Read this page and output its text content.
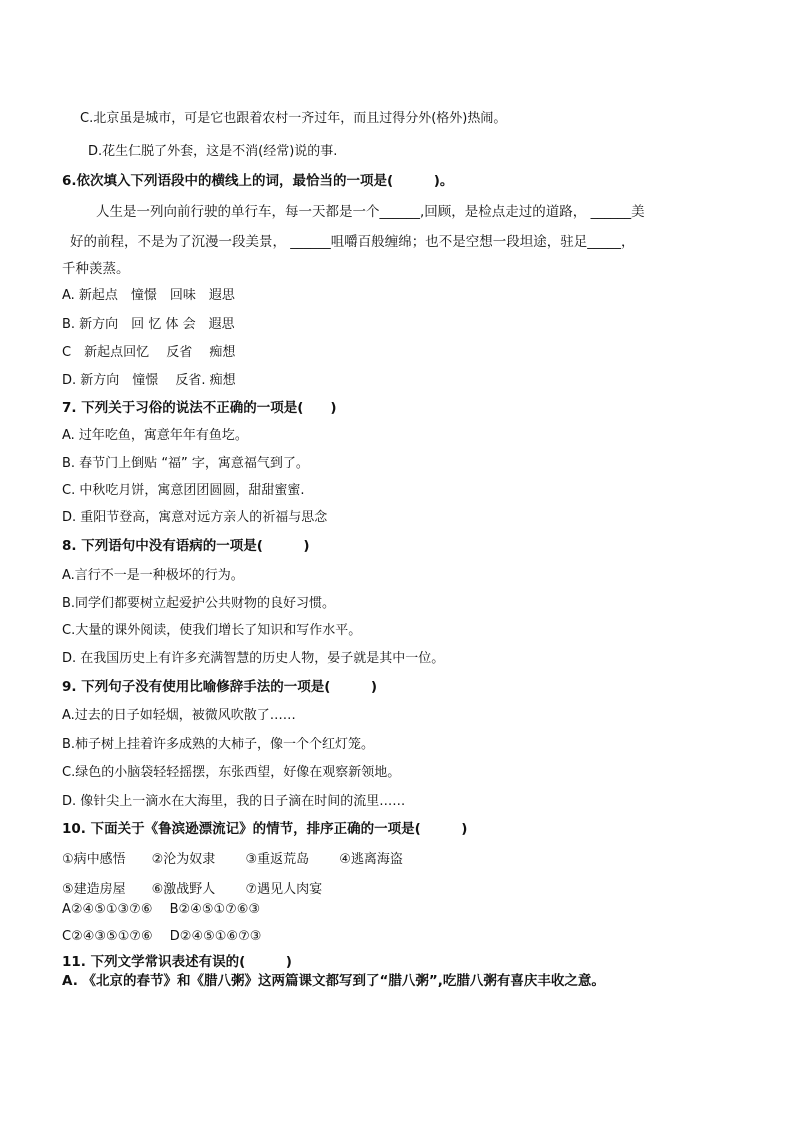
C.北京虽是城市，可是它也跟着农村一齐过年，而且过得分外(格外)热闹。
D.花生仁脱了外套，这是不消(经常)说的事.
6.依次填入下列语段中的横线上的词，最恰当的一项是(　　　)。
人生是一列向前行驶的单行车，每一天都是一个______,回顾，是检点走过的道路， ______美
好的前程，不是为了沉漫一段美景， ______咀嚼百般缠绵；也不是空想一段坦途，驻足_____，
千种羡蒸。
A. 新起点　憧憬　回味　遐思
B. 新方向　回 忆 体 会　遐思
C　新起点回忆　 反省　 痴想
D. 新方向　憧憬　 反省. 痴想
7. 下列关于习俗的说法不正确的一项是(　　)
A. 过年吃鱼，寓意年年有鱼圪。
B. 春节门上倒贴 “福” 字，寓意福气到了。
C. 中秋吃月饼，寓意团团圆圆，甜甜蜜蜜.
D. 重阳节登高，寓意对远方亲人的祈福与思念
8. 下列语句中没有语病的一项是(　　　)
A.言行不一是一种极坏的行为。
B.同学们都要树立起爱护公共财物的良好习惯。
C.大量的课外阅读，使我们增长了知识和写作水平。
D. 在我国历史上有许多充满智慧的历史人物，晏子就是其中一位。
9. 下列句子没有使用比喻修辞手法的一项是(　　　)
A.过去的日子如轻烟，被微风吹散了……
B.柿子树上挂着许多成熟的大柿子，像一个个红灯笼。
C.绿色的小脑袋轻轻摇摆，东张西望，好像在观察新领地。
D. 像针尖上一滴水在大海里，我的日子滴在时间的流里……
10. 下面关于《鲁滨逊漂流记》的情节，排序正确的一项是(　　　)
①病中感悟　　②沦为奴隶　　 ③重返荒岛　　 ④逃离海盗
⑤建造房屋　　⑥激战野人　　 ⑦遇见人肉宴
A②④⑤①③⑦⑥　 B②④⑤①⑦⑥③
C②④③⑤①⑦⑥　 D②④⑤①⑥⑦③
11. 下列文学常识表述有误的(　　　)
A. 《北京的春节》和《腊八粥》这两篇课文都写到了“腊八粥”,吃腊八粥有喜庆丰收之意。
